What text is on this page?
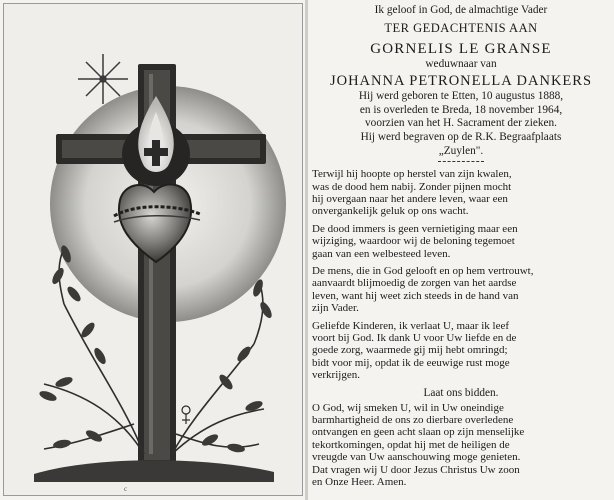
c
Ik geloof in God, de almachtige Vader
TER GEDACHTENIS AAN
GORNELIS LE GRANSE
weduwnaar van
JOHANNA PETRONELLA DANKERS
Hij werd geboren te Etten, 10 augustus 1888,
en is overleden te Breda, 18 november 1964,
voorzien van het H. Sacrament der zieken.
Hij werd begraven op de R.K. Begraafplaats
„Zuylen".
Terwijl hij hoopte op herstel van zijn kwalen,
was de dood hem nabij. Zonder pijnen mocht
hij overgaan naar het andere leven, waar een
onvergankelijk geluk op ons wacht.
De dood immers is geen vernietiging maar een
wijziging, waardoor wij de beloning tegemoet
gaan van een welbesteed leven.
De mens, die in God gelooft en op hem vertrouwt,
aanvaardt blijmoedig de zorgen van het aardse
leven, want hij weet zich steeds in de hand van
zijn Vader.
Geliefde Kinderen, ik verlaat U, maar ik leef
voort bij God. Ik dank U voor Uw liefde en de
goede zorg, waarmede gij mij hebt omringd;
bidt voor mij, opdat ik de eeuwige rust moge
verkrijgen.
Laat ons bidden.
O God, wij smeken U, wil in Uw oneindige
barmhartigheid de ons zo dierbare overledene
ontvangen en geen acht slaan op zijn menselijke
tekortkomingen, opdat hij met de heiligen de
vreugde van Uw aanschouwing moge genieten.
Dat vragen wij U door Jezus Christus Uw zoon
en Onze Heer. Amen.
